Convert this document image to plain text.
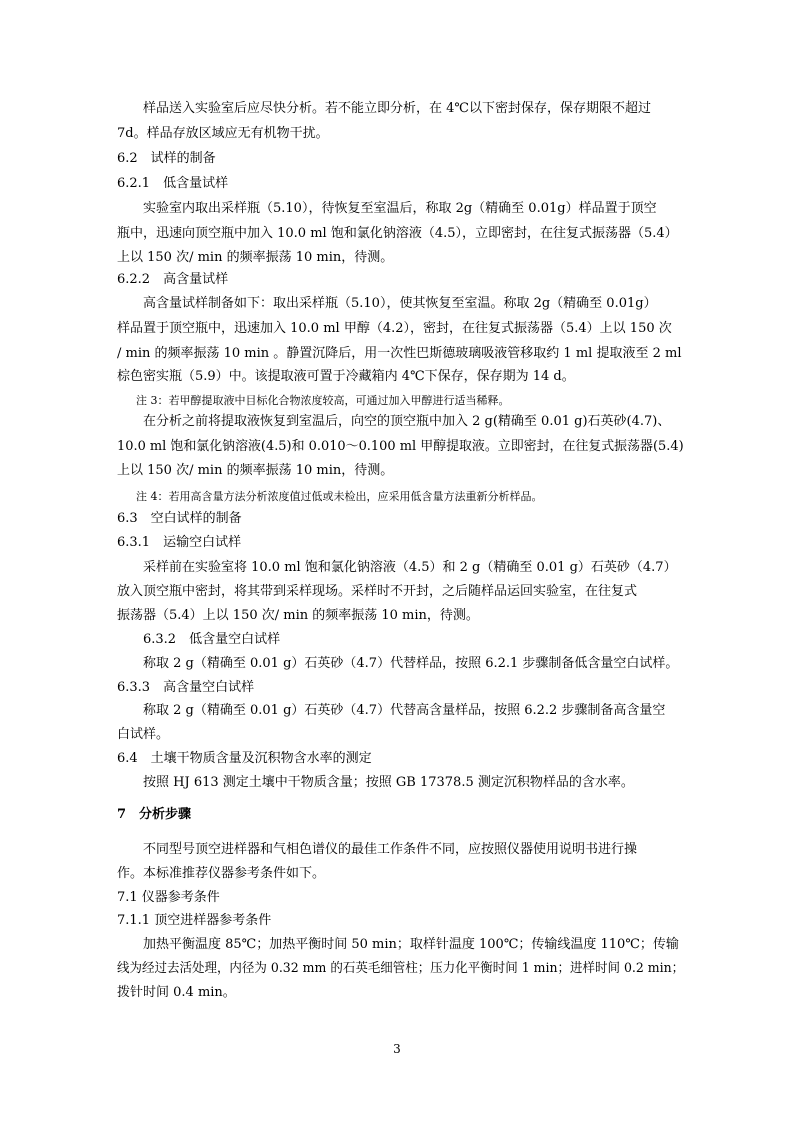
样品送入实验室后应尽快分析。若不能立即分析，在 4℃以下密封保存，保存期限不超过
7d。样品存放区域应无有机物干扰。
6.2　试样的制备
6.2.1　低含量试样
实验室内取出采样瓶（5.10），待恢复至室温后，称取 2g（精确至 0.01g）样品置于顶空
瓶中，迅速向顶空瓶中加入 10.0 ml 饱和氯化钠溶液（4.5），立即密封，在往复式振荡器（5.4）
上以 150 次/ min 的频率振荡 10 min，待测。
6.2.2　高含量试样
高含量试样制备如下：取出采样瓶（5.10），使其恢复至室温。称取 2g（精确至 0.01g）
样品置于顶空瓶中，迅速加入 10.0 ml 甲醇（4.2），密封，在往复式振荡器（5.4）上以 150 次
/ min 的频率振荡 10 min 。静置沉降后，用一次性巴斯德玻璃吸液管移取约 1 ml 提取液至 2 ml
棕色密实瓶（5.9）中。该提取液可置于冷藏箱内 4℃下保存，保存期为 14 d。
注 3：若甲醇提取液中目标化合物浓度较高，可通过加入甲醇进行适当稀释。
在分析之前将提取液恢复到室温后，向空的顶空瓶中加入 2 g(精确至 0.01 g)石英砂(4.7)、
10.0 ml 饱和氯化钠溶液(4.5)和 0.010～0.100 ml 甲醇提取液。立即密封，在往复式振荡器(5.4)
上以 150 次/ min 的频率振荡 10 min，待测。
注 4：若用高含量方法分析浓度值过低或未检出，应采用低含量方法重新分析样品。
6.3　空白试样的制备
6.3.1　运输空白试样
采样前在实验室将 10.0 ml 饱和氯化钠溶液（4.5）和 2 g（精确至 0.01 g）石英砂（4.7）
放入顶空瓶中密封，将其带到采样现场。采样时不开封，之后随样品运回实验室，在往复式
振荡器（5.4）上以 150 次/ min 的频率振荡 10 min，待测。
6.3.2　低含量空白试样
称取 2 g（精确至 0.01 g）石英砂（4.7）代替样品，按照 6.2.1 步骤制备低含量空白试样。
6.3.3　高含量空白试样
称取 2 g（精确至 0.01 g）石英砂（4.7）代替高含量样品，按照 6.2.2 步骤制备高含量空
白试样。
6.4　土壤干物质含量及沉积物含水率的测定
按照 HJ 613 测定土壤中干物质含量；按照 GB 17378.5 测定沉积物样品的含水率。
7　分析步骤
不同型号顶空进样器和气相色谱仪的最佳工作条件不同，应按照仪器使用说明书进行操
作。本标准推荐仪器参考条件如下。
7.1 仪器参考条件
7.1.1 顶空进样器参考条件
加热平衡温度 85℃；加热平衡时间 50 min；取样针温度 100℃；传输线温度 110℃；传输
线为经过去活处理，内径为 0.32 mm 的石英毛细管柱；压力化平衡时间 1 min；进样时间 0.2 min；
拨针时间 0.4 min。
3
